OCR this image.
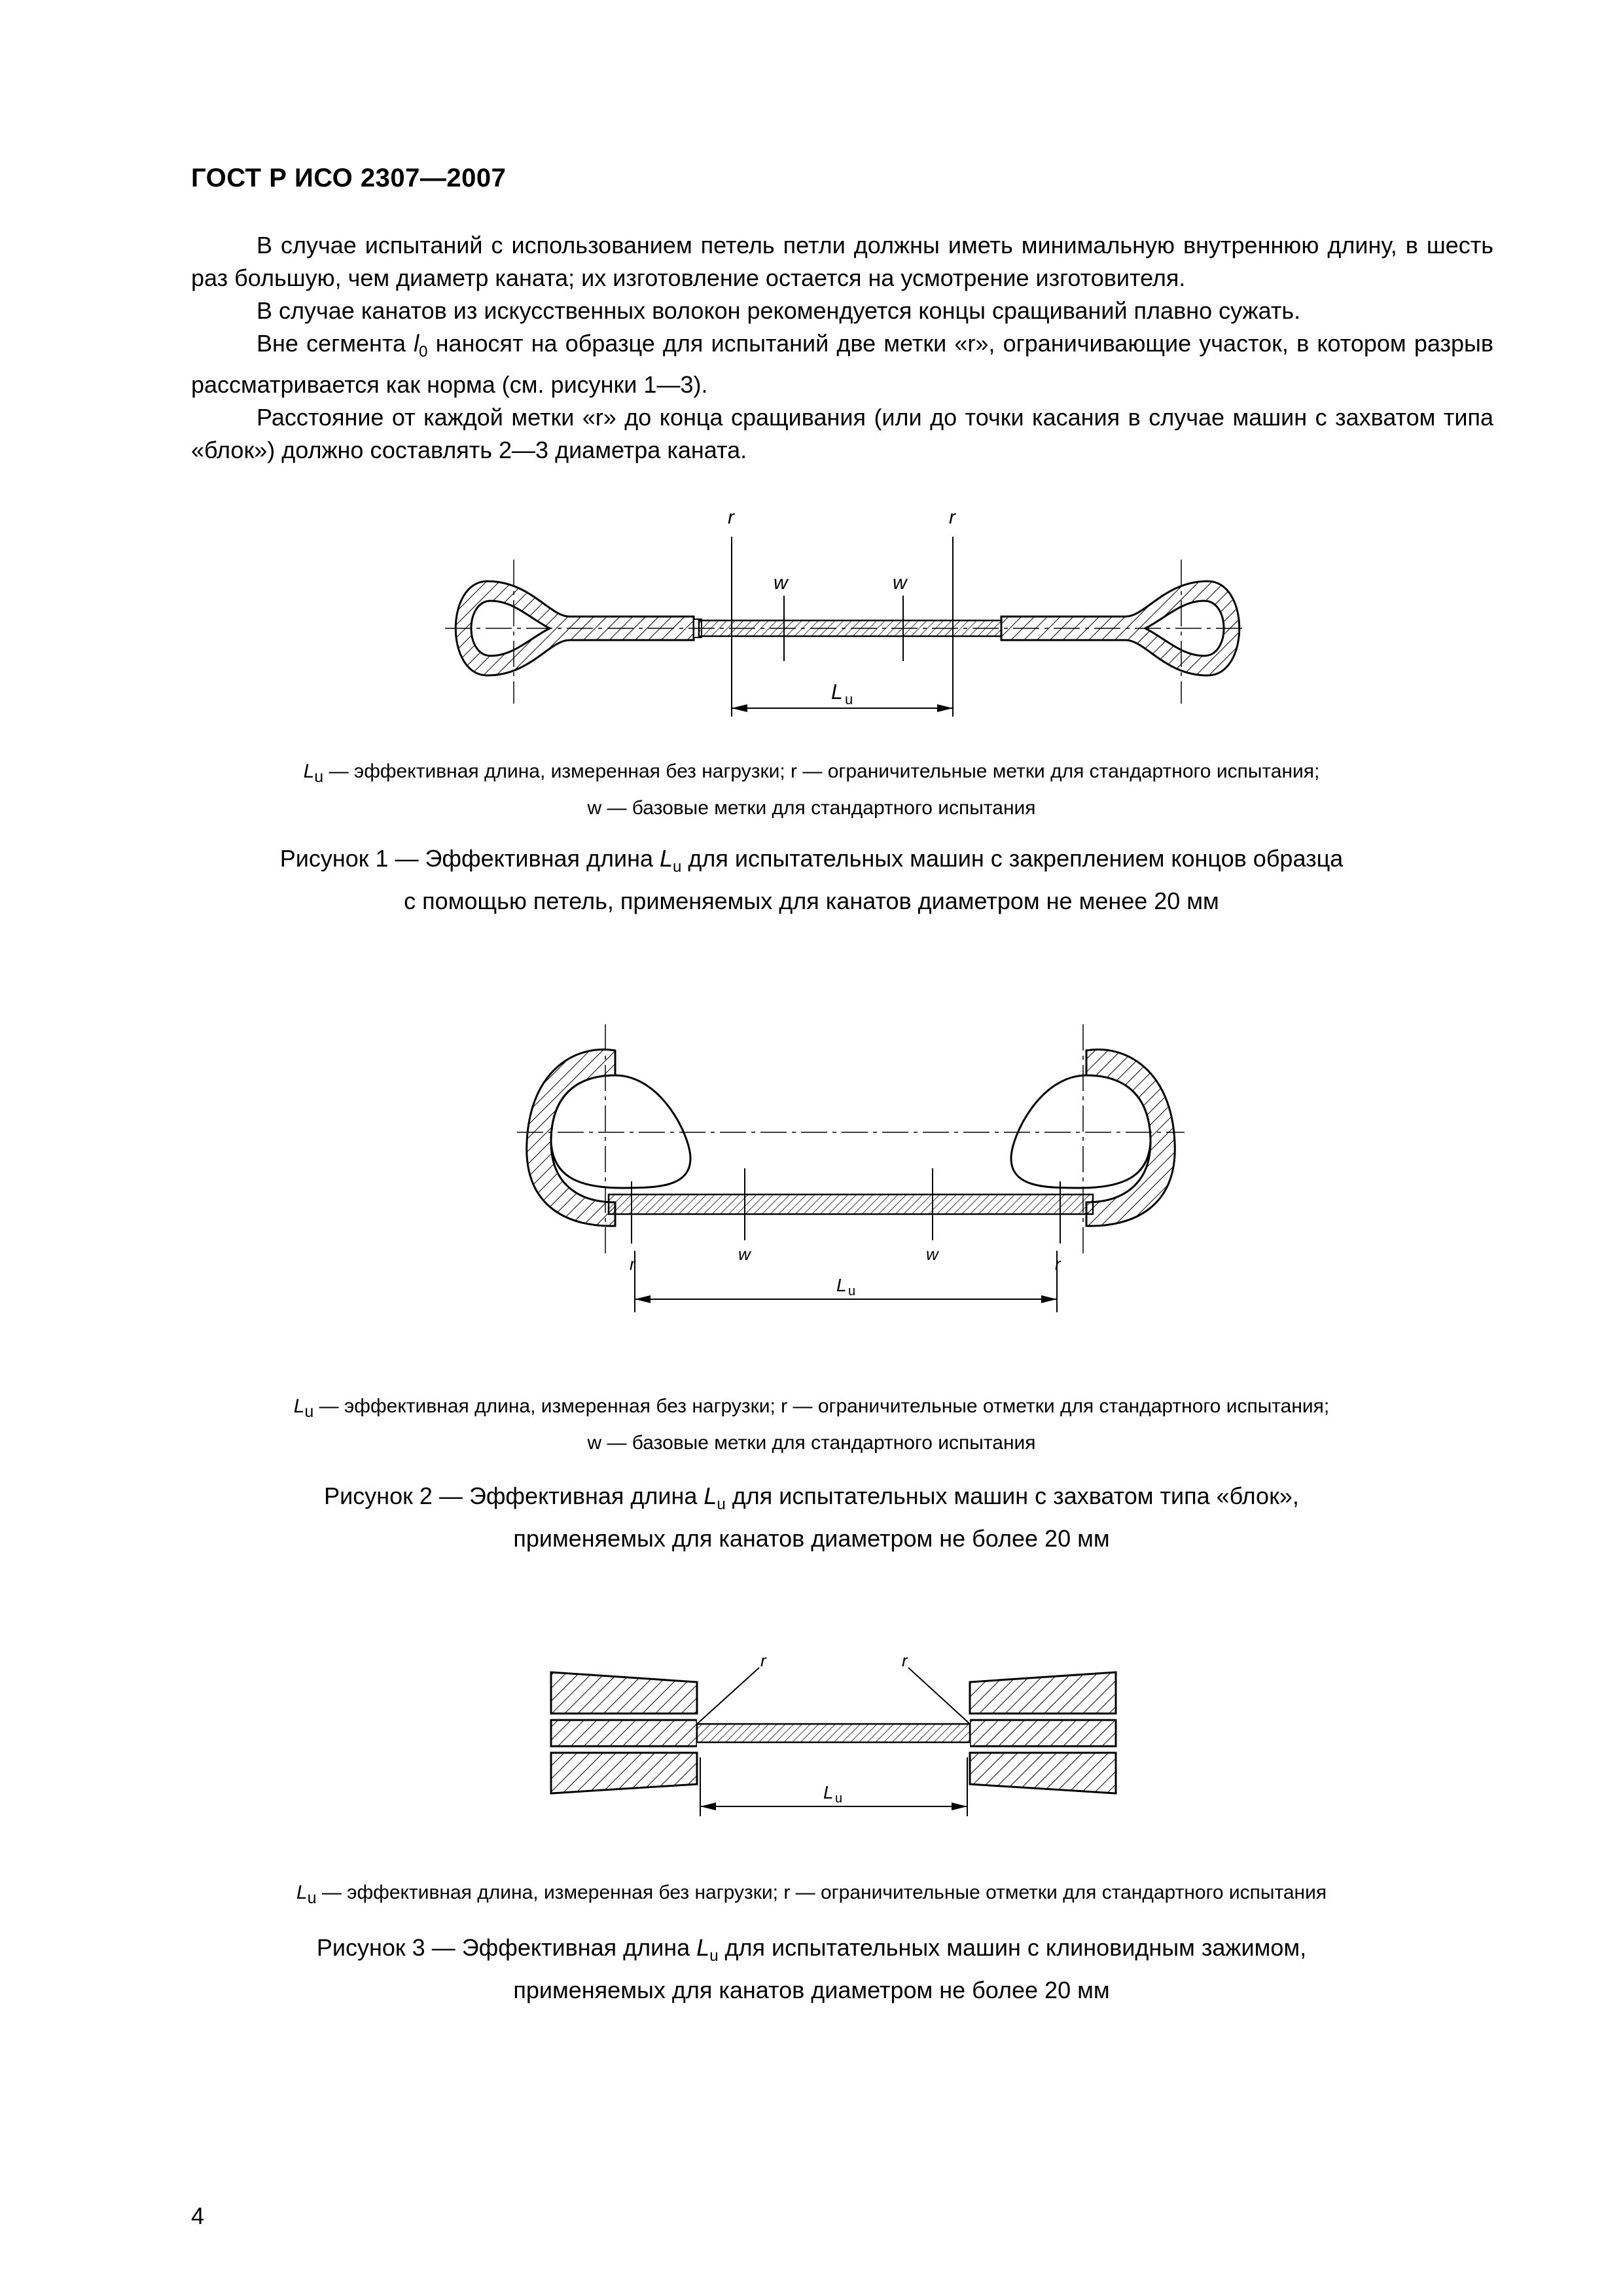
ГОСТ Р ИСО 2307—2007

В случае испытаний с использованием петель петли должны иметь минимальную внутреннюю длину, в шесть раз большую, чем диаметр каната; их изготовление остается на усмотрение изготовителя.

В случае канатов из искусственных волокон рекомендуется концы сращиваний плавно сужать.

Вне сегмента $l_0$ наносят на образце для испытаний две метки «r», ограничивающие участок, в котором разрыв рассматривается как норма (см. рисунки 1—3).

Расстояние от каждой метки «r» до конца сращивания (или до точки касания в случае машин с захватом типа «блок») должно составлять 2—3 диаметра каната.

r	r
w	w
L u
$L_u$ — эффективная длина, измеренная без нагрузки; r — ограничительные метки для стандартного испытания;
w — базовые метки для стандартного испытания
Рисунок 1 — Эффективная длина $L_u$ для испытательных машин с закреплением концов образца
с помощью петель, применяемых для канатов диаметром не менее 20 мм
r	r
w	w
L u
$L_u$ — эффективная длина, измеренная без нагрузки; r — ограничительные отметки для стандартного испытания;
w — базовые метки для стандартного испытания
Рисунок 2 — Эффективная длина $L_u$ для испытательных машин с захватом типа «блок»,
применяемых для канатов диаметром не более 20 мм
r	r
L u
$L_u$ — эффективная длина, измеренная без нагрузки; r — ограничительные отметки для стандартного испытания
Рисунок 3 — Эффективная длина $L_u$ для испытательных машин с клиновидным зажимом,
применяемых для канатов диаметром не более 20 мм
4
